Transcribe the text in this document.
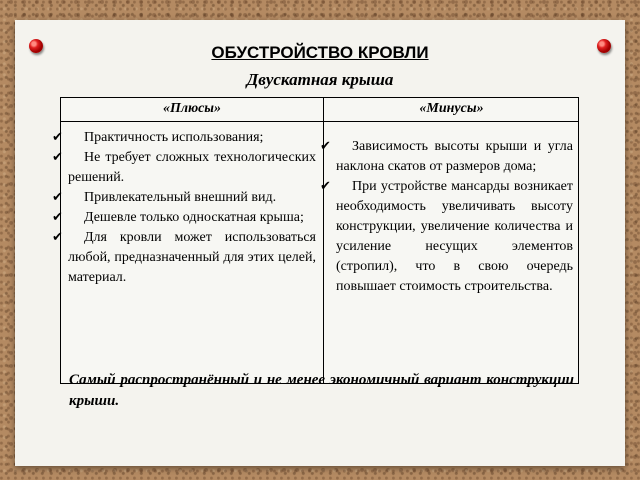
ОБУСТРОЙСТВО КРОВЛИ
Двускатная крыша
«Плюсы»	«Минусы»
✔ Практичность использования;
✔ Не требует сложных технологических решений.
✔ Привлекательный внешний вид.
✔ Дешевле только односкатная крыша;
✔ Для кровли может использоваться любой, предназначенный для этих целей, материал.
✔ Зависимость высоты крыши и угла наклона скатов от размеров дома;
✔ При устройстве мансарды возникает необходимость увеличивать высоту конструкции, увеличение количества и усиление несущих элементов (стропил), что в свою очередь повышает стоимость строительства.
Самый распространённый и не менее экономичный вариант конструкции крыши.
